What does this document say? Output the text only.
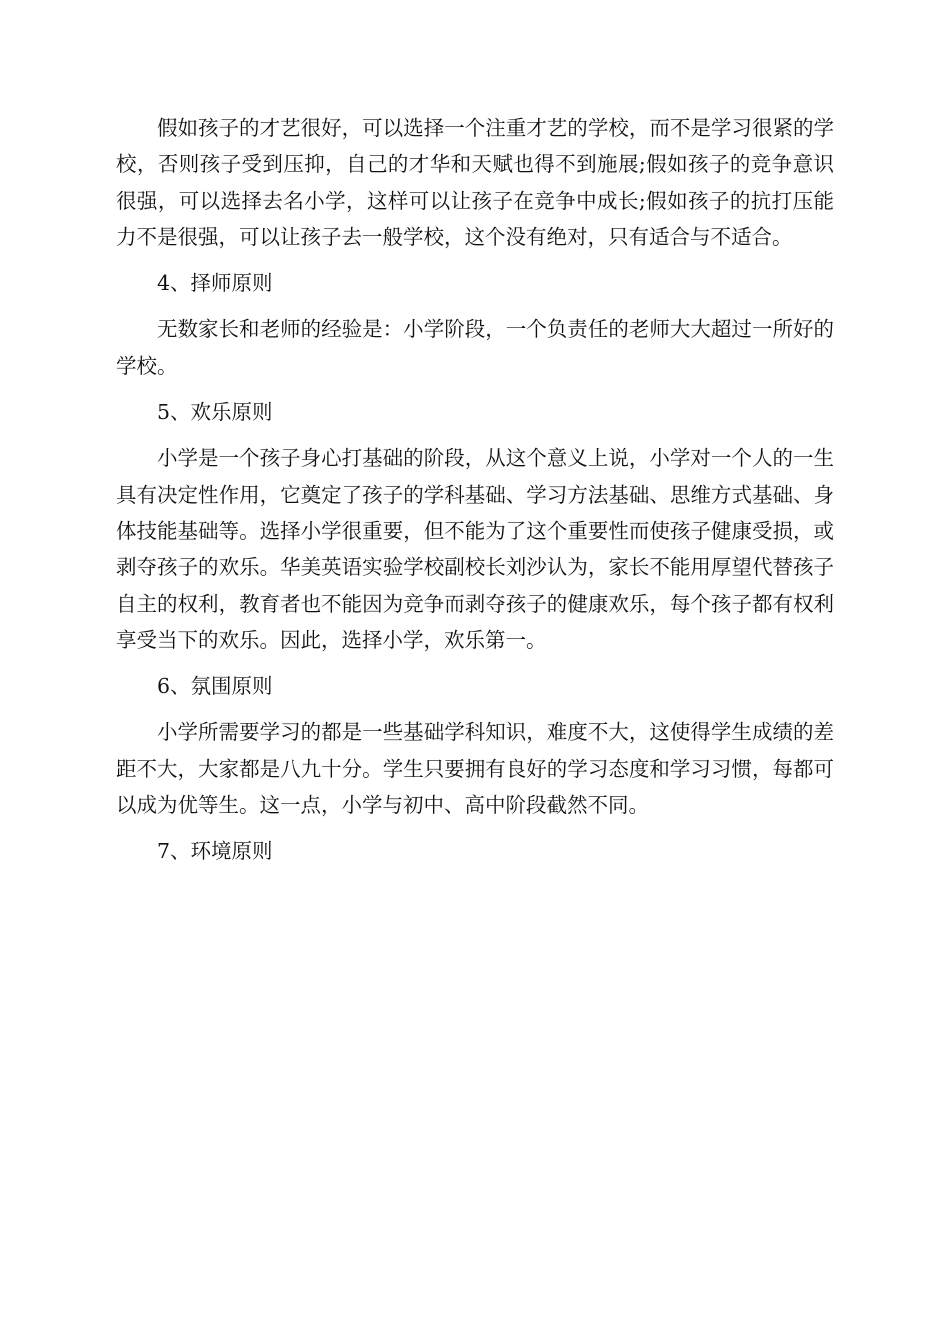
假如孩子的才艺很好，可以选择一个注重才艺的学校，而不是学习很紧的学校，否则孩子受到压抑，自己的才华和天赋也得不到施展;假如孩子的竞争意识很强，可以选择去名小学，这样可以让孩子在竞争中成长;假如孩子的抗打压能力不是很强，可以让孩子去一般学校，这个没有绝对，只有适合与不适合。

4、择师原则

无数家长和老师的经验是：小学阶段，一个负责任的老师大大超过一所好的学校。

5、欢乐原则

小学是一个孩子身心打基础的阶段，从这个意义上说，小学对一个人的一生具有决定性作用，它奠定了孩子的学科基础、学习方法基础、思维方式基础、身体技能基础等。选择小学很重要，但不能为了这个重要性而使孩子健康受损，或剥夺孩子的欢乐。华美英语实验学校副校长刘沙认为，家长不能用厚望代替孩子自主的权利，教育者也不能因为竞争而剥夺孩子的健康欢乐，每个孩子都有权利享受当下的欢乐。因此，选择小学，欢乐第一。

6、氛围原则

小学所需要学习的都是一些基础学科知识，难度不大，这使得学生成绩的差距不大，大家都是八九十分。学生只要拥有良好的学习态度和学习习惯，每都可以成为优等生。这一点，小学与初中、高中阶段截然不同。

7、环境原则
